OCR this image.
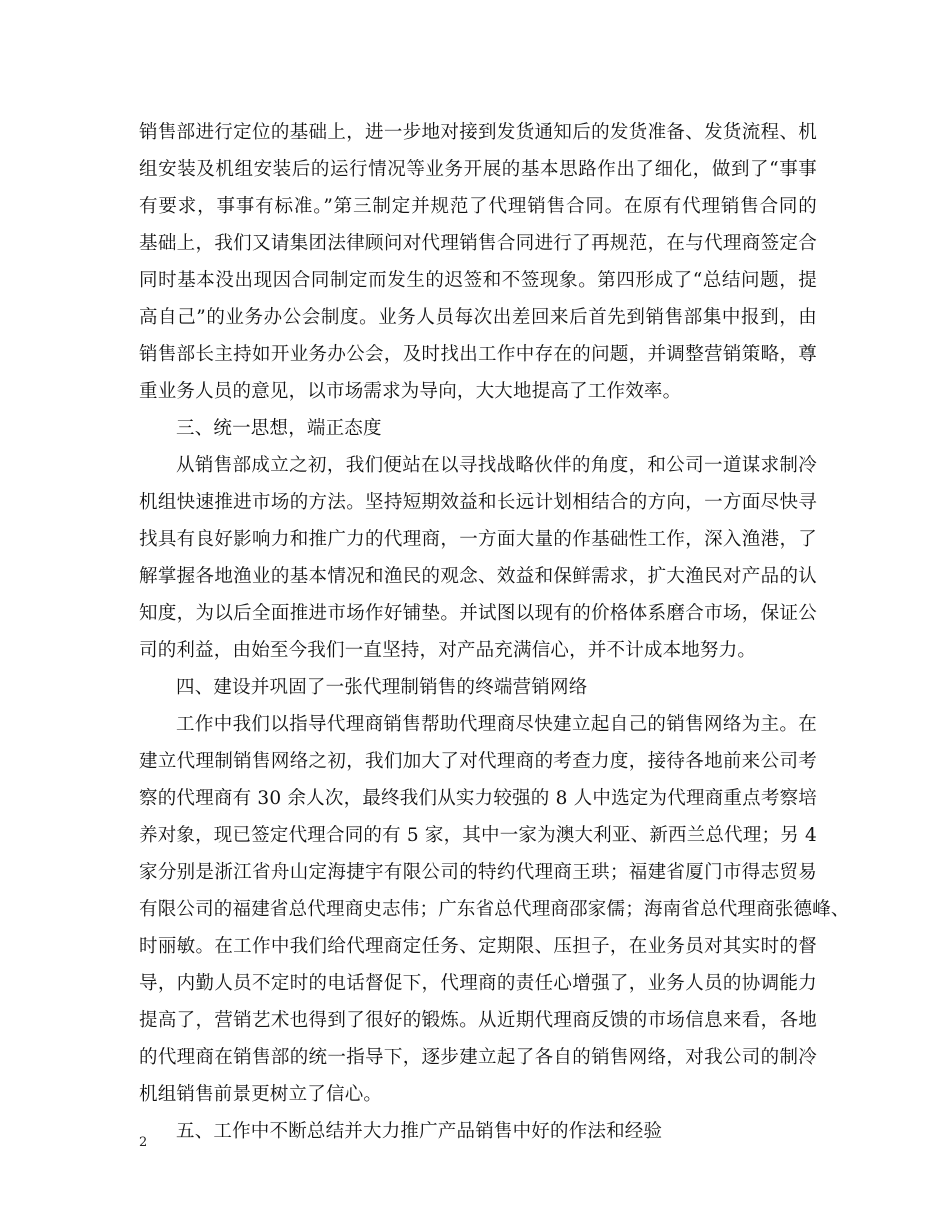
销售部进行定位的基础上，进一步地对接到发货通知后的发货准备、发货流程、机
组安装及机组安装后的运行情况等业务开展的基本思路作出了细化，做到了“事事
有要求，事事有标准。”第三制定并规范了代理销售合同。在原有代理销售合同的
基础上，我们又请集团法律顾问对代理销售合同进行了再规范，在与代理商签定合
同时基本没出现因合同制定而发生的迟签和不签现象。第四形成了“总结问题，提
高自己”的业务办公会制度。业务人员每次出差回来后首先到销售部集中报到，由
销售部长主持如开业务办公会，及时找出工作中存在的问题，并调整营销策略，尊
重业务人员的意见，以市场需求为导向，大大地提高了工作效率。
三、统一思想，端正态度
从销售部成立之初，我们便站在以寻找战略伙伴的角度，和公司一道谋求制冷
机组快速推进市场的方法。坚持短期效益和长远计划相结合的方向，一方面尽快寻
找具有良好影响力和推广力的代理商，一方面大量的作基础性工作，深入渔港，了
解掌握各地渔业的基本情况和渔民的观念、效益和保鲜需求，扩大渔民对产品的认
知度，为以后全面推进市场作好铺垫。并试图以现有的价格体系磨合市场，保证公
司的利益，由始至今我们一直坚持，对产品充满信心，并不计成本地努力。
四、建设并巩固了一张代理制销售的终端营销网络
工作中我们以指导代理商销售帮助代理商尽快建立起自己的销售网络为主。在
建立代理制销售网络之初，我们加大了对代理商的考查力度，接待各地前来公司考
察的代理商有 30 余人次，最终我们从实力较强的 8 人中选定为代理商重点考察培
养对象，现已签定代理合同的有 5 家，其中一家为澳大利亚、新西兰总代理；另 4
家分别是浙江省舟山定海捷宇有限公司的特约代理商王珙；福建省厦门市得志贸易
有限公司的福建省总代理商史志伟；广东省总代理商邵家儒；海南省总代理商张德峰、
时丽敏。在工作中我们给代理商定任务、定期限、压担子，在业务员对其实时的督
导，内勤人员不定时的电话督促下，代理商的责任心增强了，业务人员的协调能力
提高了，营销艺术也得到了很好的锻炼。从近期代理商反馈的市场信息来看，各地
的代理商在销售部的统一指导下，逐步建立起了各自的销售网络，对我公司的制冷
机组销售前景更树立了信心。
五、工作中不断总结并大力推广产品销售中好的作法和经验
2
